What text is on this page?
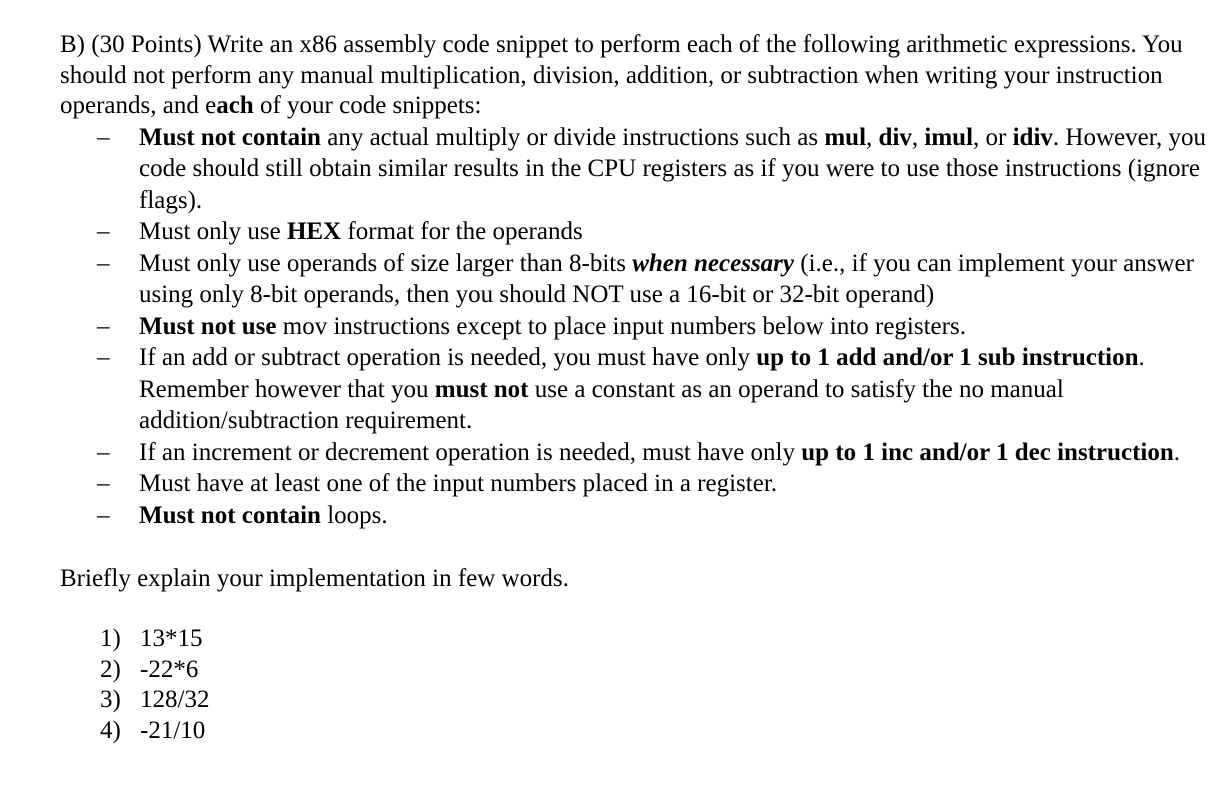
B) (30 Points) Write an x86 assembly code snippet to perform each of the following arithmetic expressions. You should not perform any manual multiplication, division, addition, or subtraction when writing your instruction operands, and each of your code snippets:

– Must not contain any actual multiply or divide instructions such as mul, div, imul, or idiv. However, you code should still obtain similar results in the CPU registers as if you were to use those instructions (ignore flags).
– Must only use HEX format for the operands
– Must only use operands of size larger than 8-bits when necessary (i.e., if you can implement your answer using only 8-bit operands, then you should NOT use a 16-bit or 32-bit operand)
– Must not use mov instructions except to place input numbers below into registers.
– If an add or subtract operation is needed, you must have only up to 1 add and/or 1 sub instruction. Remember however that you must not use a constant as an operand to satisfy the no manual addition/subtraction requirement.
– If an increment or decrement operation is needed, must have only up to 1 inc and/or 1 dec instruction.
– Must have at least one of the input numbers placed in a register.
– Must not contain loops.

Briefly explain your implementation in few words.

1) 13*15
2) -22*6
3) 128/32
4) -21/10
